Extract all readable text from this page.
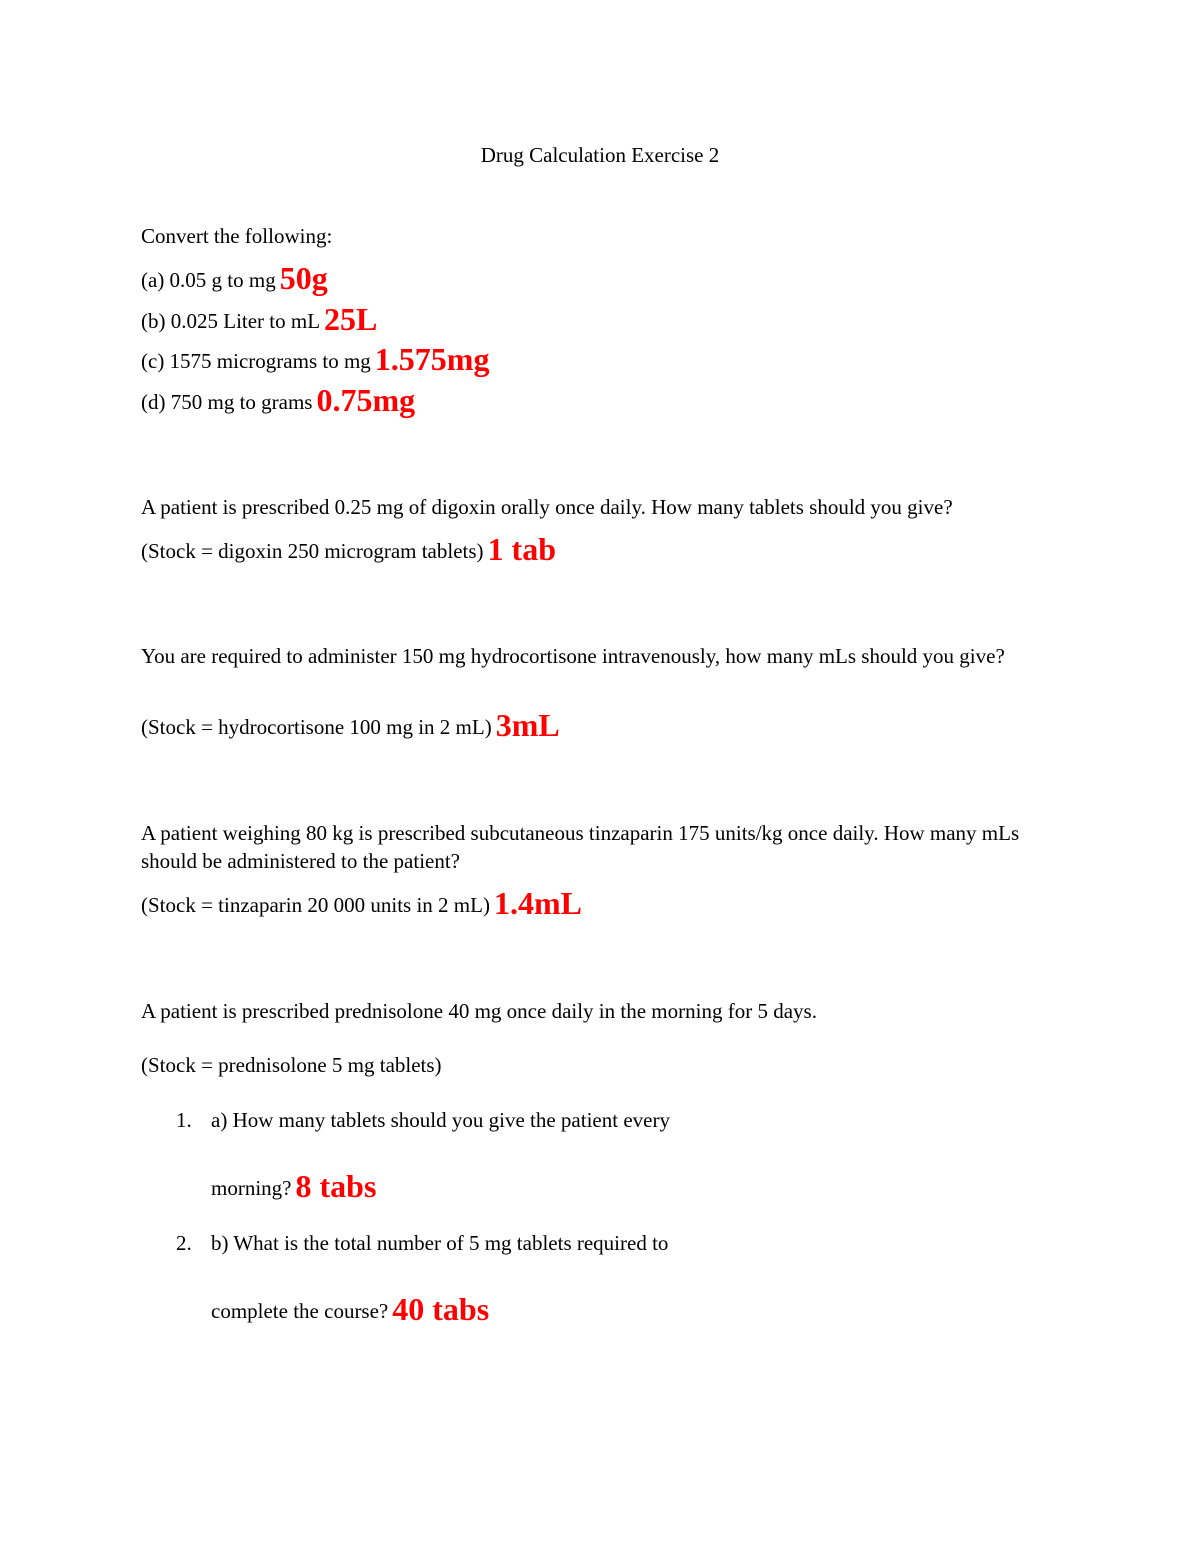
Drug Calculation Exercise 2
Convert the following:
(a) 0.05 g to mg 50g
(b) 0.025 Liter to mL 25L
(c) 1575 micrograms to mg 1.575mg
(d) 750 mg to grams 0.75mg
A patient is prescribed 0.25 mg of digoxin orally once daily. How many tablets should you give?
(Stock = digoxin 250 microgram tablets) 1 tab
You are required to administer 150 mg hydrocortisone intravenously, how many mLs should you give?
(Stock = hydrocortisone 100 mg in 2 mL) 3mL
A patient weighing 80 kg is prescribed subcutaneous tinzaparin 175 units/kg once daily. How many mLs should be administered to the patient?
(Stock = tinzaparin 20 000 units in 2 mL) 1.4mL
A patient is prescribed prednisolone 40 mg once daily in the morning for 5 days.
(Stock = prednisolone 5 mg tablets)
1. a) How many tablets should you give the patient every
morning? 8 tabs
2. b) What is the total number of 5 mg tablets required to
complete the course? 40 tabs
